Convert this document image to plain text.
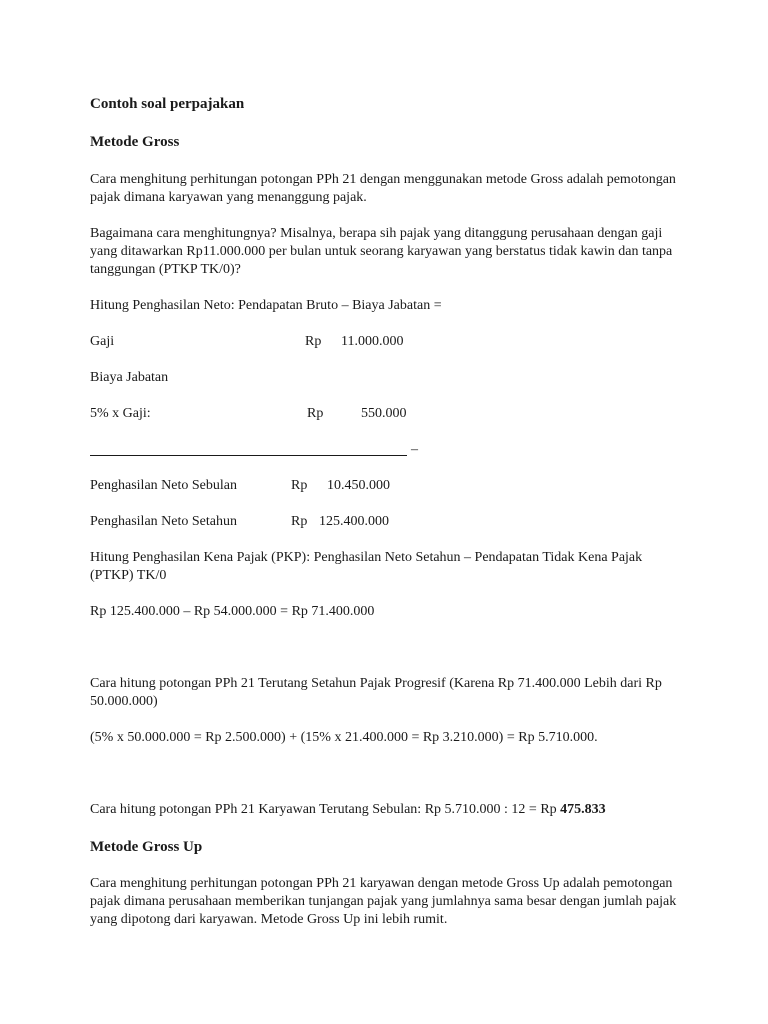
Contoh soal perpajakan

Metode Gross

Cara menghitung perhitungan potongan PPh 21 dengan menggunakan metode Gross adalah pemotongan pajak dimana karyawan yang menanggung pajak.

Bagaimana cara menghitungnya? Misalnya, berapa sih pajak yang ditanggung perusahaan dengan gaji yang ditawarkan Rp11.000.000 per bulan untuk seorang karyawan yang berstatus tidak kawin dan tanpa tanggungan (PTKP TK/0)?

Hitung Penghasilan Neto: Pendapatan Bruto – Biaya Jabatan =

Gaji	Rp 11.000.000

Biaya Jabatan

5% x Gaji:	Rp	550.000

–

Penghasilan Neto Sebulan	Rp 10.450.000

Penghasilan Neto Setahun	Rp 125.400.000

Hitung Penghasilan Kena Pajak (PKP): Penghasilan Neto Setahun – Pendapatan Tidak Kena Pajak (PTKP) TK/0

Rp 125.400.000 – Rp 54.000.000 = Rp 71.400.000

Cara hitung potongan PPh 21 Terutang Setahun Pajak Progresif (Karena Rp 71.400.000 Lebih dari Rp 50.000.000)

(5% x 50.000.000 = Rp 2.500.000) + (15% x 21.400.000 = Rp 3.210.000) = Rp 5.710.000.

Cara hitung potongan PPh 21 Karyawan Terutang Sebulan: Rp 5.710.000 : 12 = Rp 475.833

Metode Gross Up

Cara menghitung perhitungan potongan PPh 21 karyawan dengan metode Gross Up adalah pemotongan pajak dimana perusahaan memberikan tunjangan pajak yang jumlahnya sama besar dengan jumlah pajak yang dipotong dari karyawan. Metode Gross Up ini lebih rumit.
